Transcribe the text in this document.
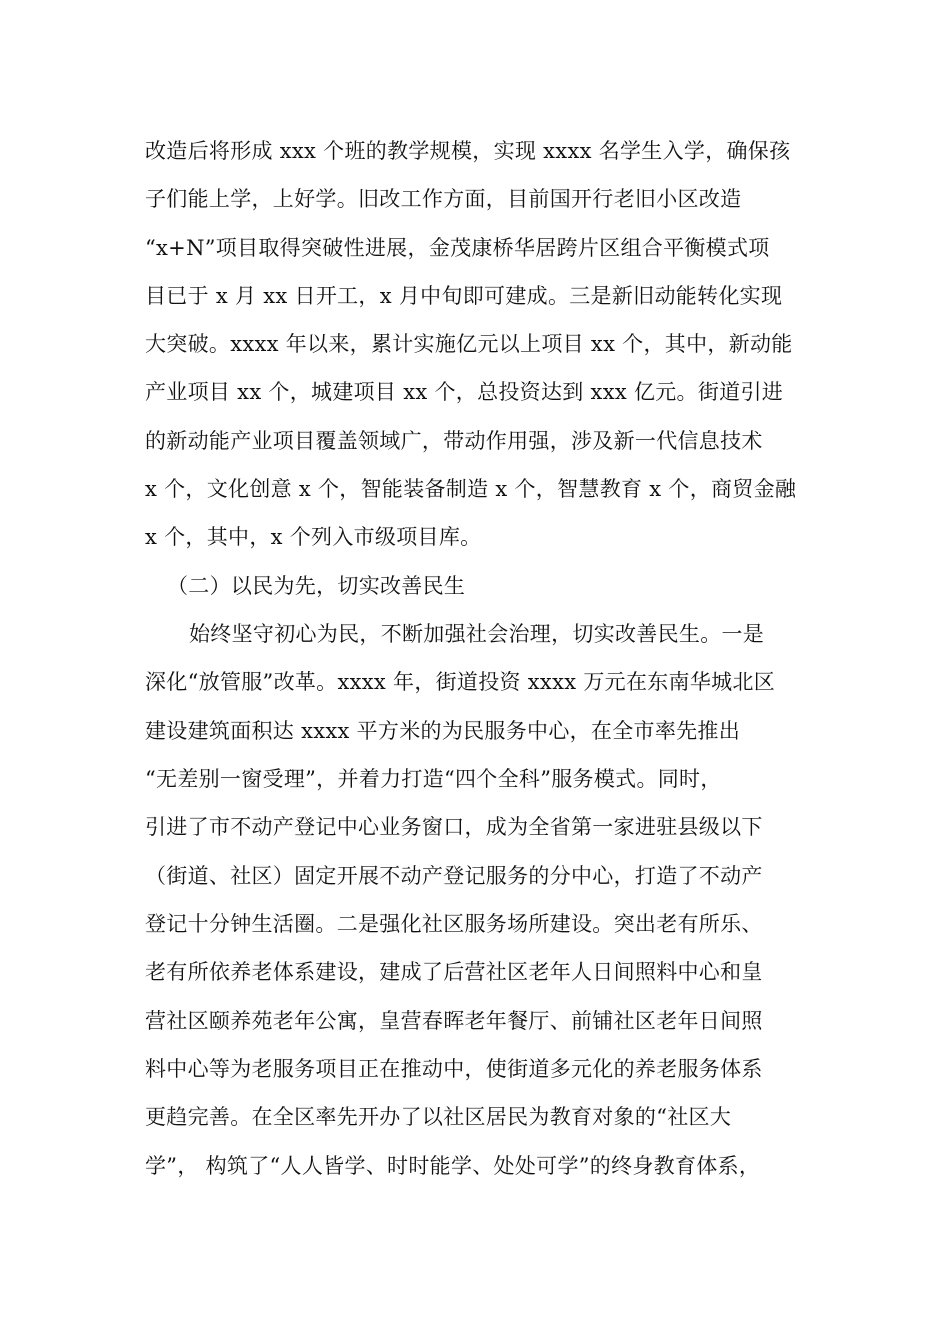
改造后将形成 xxx 个班的教学规模，实现 xxxx 名学生入学，确保孩
子们能上学，上好学。旧改工作方面，目前国开行老旧小区改造
“x+N”项目取得突破性进展，金茂康桥华居跨片区组合平衡模式项
目已于 x 月 xx 日开工，x 月中旬即可建成。三是新旧动能转化实现
大突破。xxxx 年以来，累计实施亿元以上项目 xx 个，其中，新动能
产业项目 xx 个，城建项目 xx 个，总投资达到 xxx 亿元。街道引进
的新动能产业项目覆盖领域广，带动作用强，涉及新一代信息技术
x 个，文化创意 x 个，智能装备制造 x 个，智慧教育 x 个，商贸金融
x 个，其中，x 个列入市级项目库。
（二）以民为先，切实改善民生
始终坚守初心为民，不断加强社会治理，切实改善民生。一是
深化“放管服”改革。xxxx 年，街道投资 xxxx 万元在东南华城北区
建设建筑面积达 xxxx 平方米的为民服务中心，在全市率先推出
“无差别一窗受理”，并着力打造“四个全科”服务模式。同时，
引进了市不动产登记中心业务窗口，成为全省第一家进驻县级以下
（街道、社区）固定开展不动产登记服务的分中心，打造了不动产
登记十分钟生活圈。二是强化社区服务场所建设。突出老有所乐、
老有所依养老体系建设，建成了后营社区老年人日间照料中心和皇
营社区颐养苑老年公寓，皇营春晖老年餐厅、前铺社区老年日间照
料中心等为老服务项目正在推动中，使街道多元化的养老服务体系
更趋完善。在全区率先开办了以社区居民为教育对象的“社区大
学”， 构筑了“人人皆学、时时能学、处处可学”的终身教育体系，
